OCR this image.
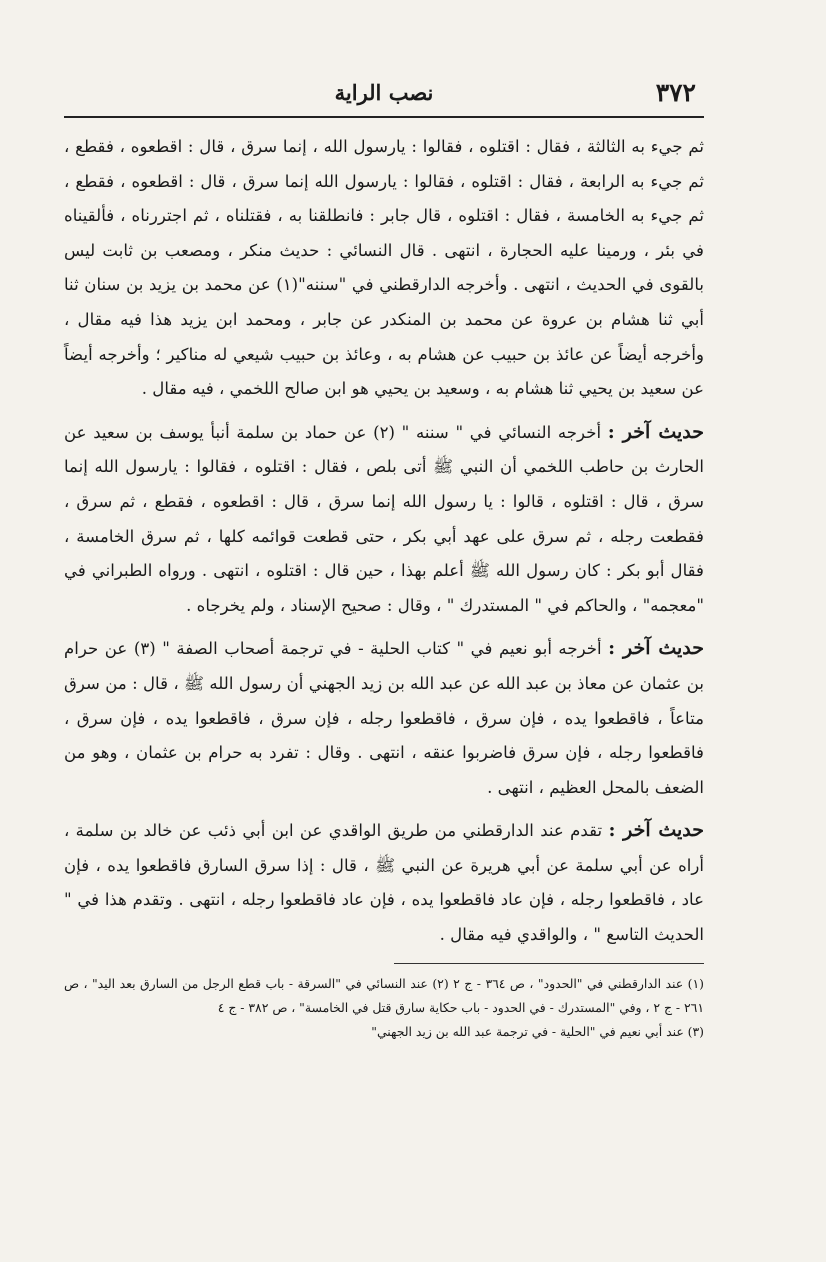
٣٧٢
نصب الراية

ثم جيء به الثالثة ، فقال : اقتلوه ، فقالوا : يارسول الله ، إنما سرق ، قال : اقطعوه ، فقطع ، ثم جيء به الرابعة ، فقال : اقتلوه ، فقالوا : يارسول الله إنما سرق ، قال : اقطعوه ، فقطع ، ثم جيء به الخامسة ، فقال : اقتلوه ، قال جابر : فانطلقنا به ، فقتلناه ، ثم اجتررناه ، فألقيناه في بئر ، ورمينا عليه الحجارة ، انتهى . قال النسائي : حديث منكر ، ومصعب بن ثابت ليس بالقوى في الحديث ، انتهى . وأخرجه الدارقطني في "سننه"(١) عن محمد بن يزيد بن سنان ثنا أبي ثنا هشام بن عروة عن محمد بن المنكدر عن جابر ، ومحمد ابن يزيد هذا فيه مقال ، وأخرجه أيضاً عن عائذ بن حبيب عن هشام به ، وعائذ بن حبيب شيعي له مناكير ؛ وأخرجه أيضاً عن سعيد بن يحيي ثنا هشام به ، وسعيد بن يحيي هو ابن صالح اللخمي ، فيه مقال .

حديث آخر : أخرجه النسائي في " سننه " (٢) عن حماد بن سلمة أنبأ يوسف بن سعيد عن الحارث بن حاطب اللخمي أن النبي ﷺ أتى بلص ، فقال : اقتلوه ، فقالوا : يارسول الله إنما سرق ، قال : اقتلوه ، قالوا : يا رسول الله إنما سرق ، قال : اقطعوه ، فقطع ، ثم سرق ، فقطعت رجله ، ثم سرق على عهد أبي بكر ، حتى قطعت قوائمه كلها ، ثم سرق الخامسة ، فقال أبو بكر : كان رسول الله ﷺ أعلم بهذا ، حين قال : اقتلوه ، انتهى . ورواه الطبراني في "معجمه" ، والحاكم في " المستدرك " ، وقال : صحيح الإسناد ، ولم يخرجاه .

حديث آخر : أخرجه أبو نعيم في " كتاب الحلية - في ترجمة أصحاب الصفة " (٣) عن حرام بن عثمان عن معاذ بن عبد الله عن عبد الله بن زيد الجهني أن رسول الله ﷺ ، قال : من سرق متاعاً ، فاقطعوا يده ، فإن سرق ، فاقطعوا رجله ، فإن سرق ، فاقطعوا يده ، فإن سرق ، فاقطعوا رجله ، فإن سرق فاضربوا عنقه ، انتهى . وقال : تفرد به حرام بن عثمان ، وهو من الضعف بالمحل العظيم ، انتهى .

حديث آخر : تقدم عند الدارقطني من طريق الواقدي عن ابن أبي ذئب عن خالد بن سلمة ، أراه عن أبي سلمة عن أبي هريرة عن النبي ﷺ ، قال : إذا سرق السارق فاقطعوا يده ، فإن عاد ، فاقطعوا رجله ، فإن عاد فاقطعوا يده ، فإن عاد فاقطعوا رجله ، انتهى . وتقدم هذا في " الحديث التاسع " ، والواقدي فيه مقال .

(١) عند الدارقطني في "الحدود" ، ص ٣٦٤ - ج ٢ (٢) عند النسائي في "السرقة - باب قطع الرجل من السارق بعد اليد" ، ص ٢٦١ - ج ٢ ، وفي "المستدرك - في الحدود - باب حكاية سارق قتل في الخامسة" ، ص ٣٨٢ - ج ٤

(٣) عند أبي نعيم في "الحلية - في ترجمة عبد الله بن زيد الجهني"
